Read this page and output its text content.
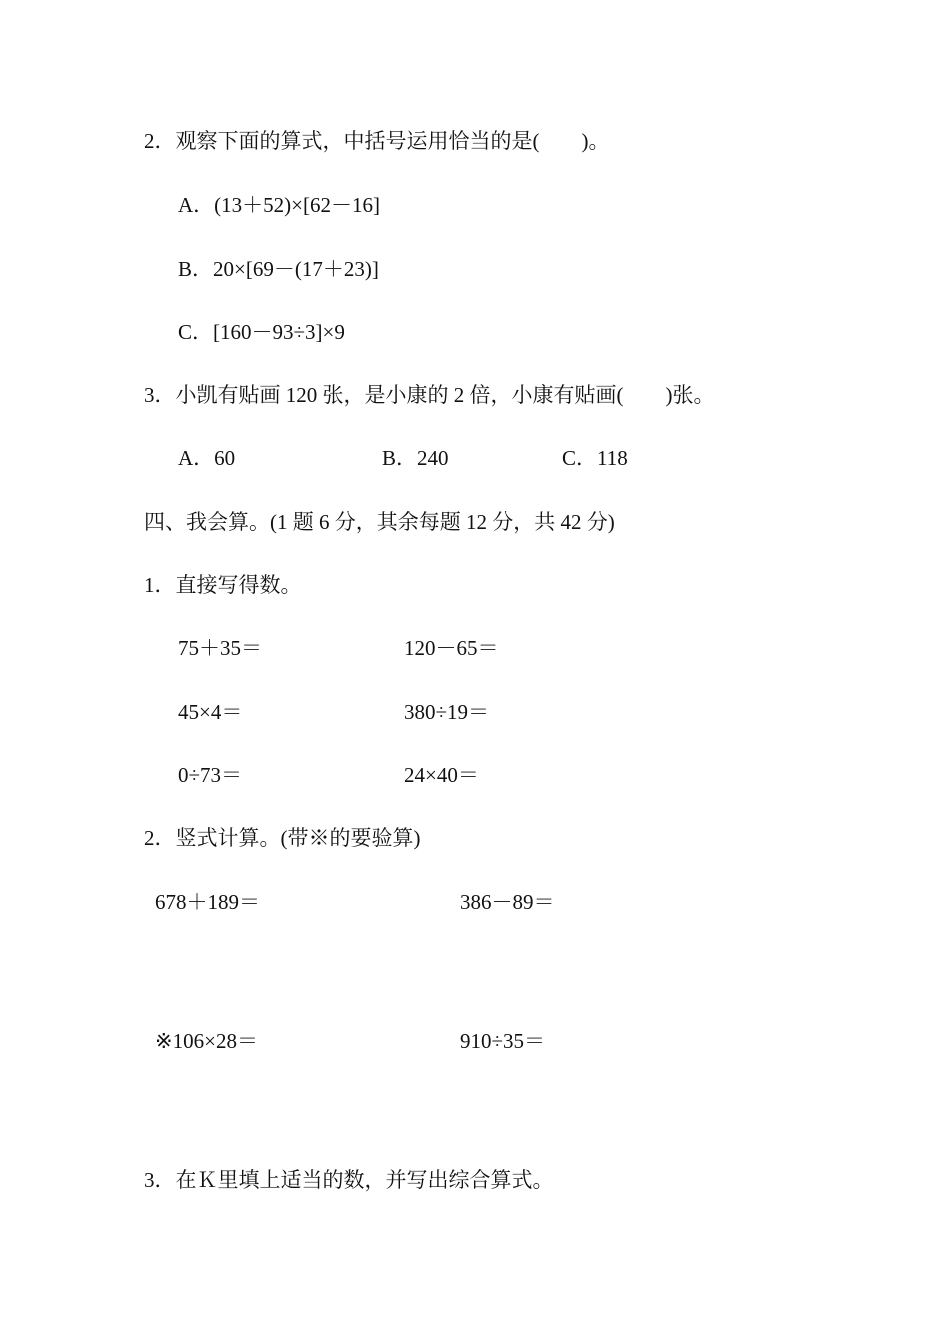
2．观察下面的算式，中括号运用恰当的是(　　)。
A．(13＋52)×[62－16]
B．20×[69－(17＋23)]
C．[160－93÷3]×9
3．小凯有贴画 120 张，是小康的 2 倍，小康有贴画(　　)张。
A．60	B．240	C．118
四、我会算。(1 题 6 分，其余每题 12 分，共 42 分)
1．直接写得数。
75＋35＝	120－65＝
45×4＝	380÷19＝
0÷73＝	24×40＝
2．竖式计算。(带※的要验算)
678＋189＝	386－89＝
※106×28＝	910÷35＝
3．在Ｋ里填上适当的数，并写出综合算式。
